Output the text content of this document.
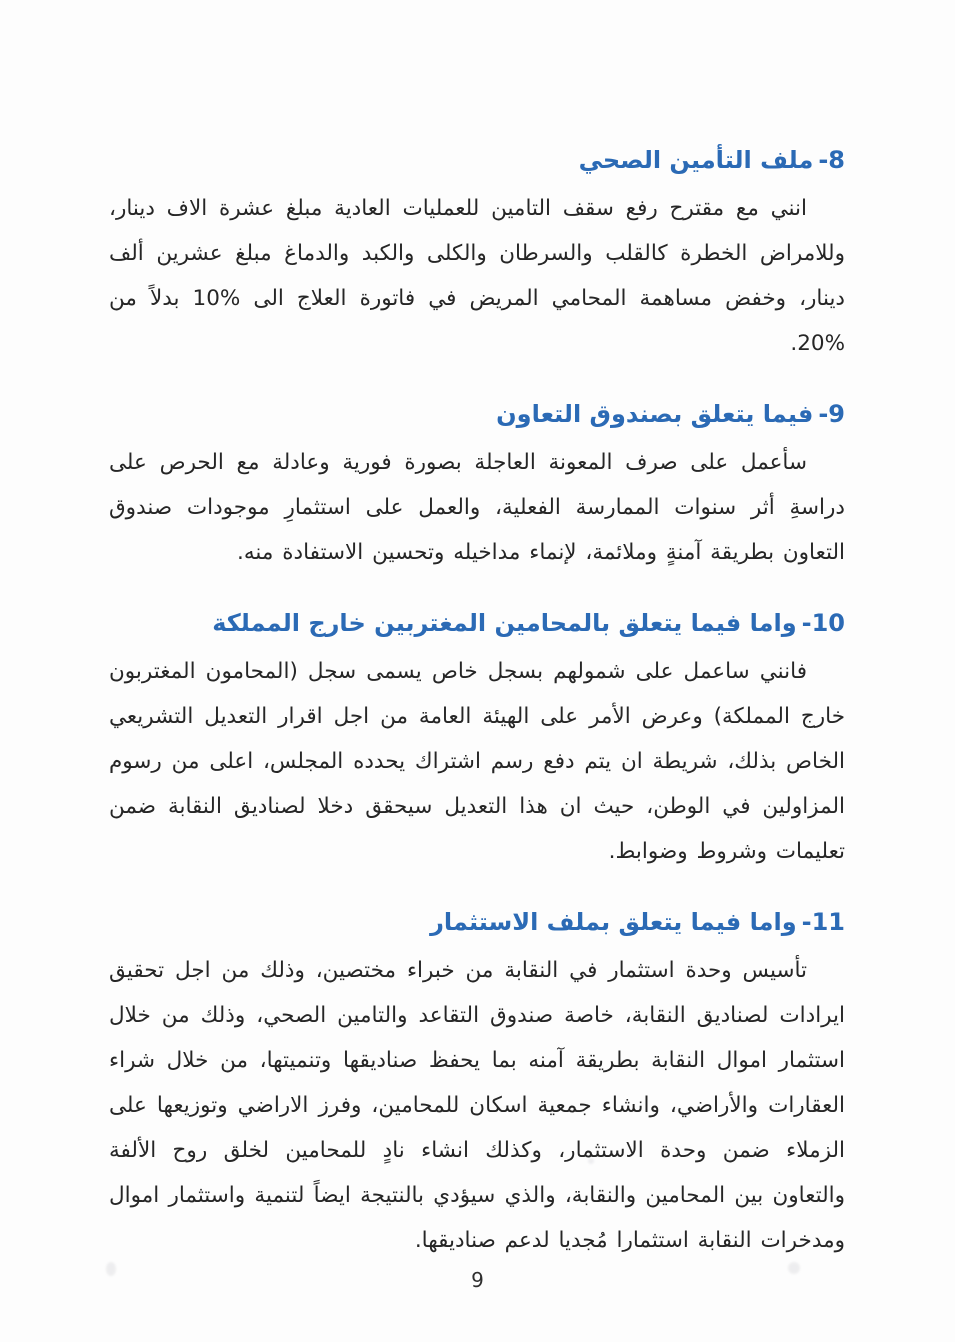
8-ملف التأمين الصحي

انني مع مقترح رفع سقف التامين للعمليات العادية مبلغ عشرة الاف دينار، وللامراض الخطرة كالقلب والسرطان والكلى والكبد والدماغ مبلغ عشرين ألف دينار، وخفض مساهمة المحامي المريض في فاتورة العلاج الى %10 بدلاً من %20.

9-فيما يتعلق بصندوق التعاون

سأعمل على صرف المعونة العاجلة بصورة فورية وعادلة مع الحرص على دراسةِ أثر سنوات الممارسة الفعلية، والعمل على استثمارِ موجودات صندوق التعاون بطريقة آمنةٍ وملائمة، لإنماء مداخيله وتحسين الاستفادة منه.

10-واما فيما يتعلق بالمحامين المغتربين خارج المملكة

فانني ساعمل على شمولهم بسجل خاص يسمى سجل (المحامون المغتربون خارج المملكة) وعرض الأمر على الهيئة العامة من اجل اقرار التعديل التشريعي الخاص بذلك، شريطة ان يتم دفع رسم اشتراك يحدده المجلس، اعلى من رسوم المزاولين في الوطن، حيث ان هذا التعديل سيحقق دخلا لصناديق النقابة ضمن تعليمات وشروط وضوابط.

11-واما فيما يتعلق بملف الاستثمار

تأسيس وحدة استثمار في النقابة من خبراء مختصين، وذلك من اجل تحقيق ايرادات لصناديق النقابة، خاصة صندوق التقاعد والتامين الصحي، وذلك من خلال استثمار اموال النقابة بطريقة آمنه بما يحفظ صناديقها وتنميتها، من خلال شراء العقارات والأراضي، وانشاء جمعية اسكان للمحامين، وفرز الاراضي وتوزيعها على الزملاء ضمن وحدة الاستثمار، وكذلك انشاء نادٍ للمحامين لخلق روح الألفة والتعاون بين المحامين والنقابة، والذي سيؤدي بالنتيجة ايضاً لتنمية واستثمار اموال ومدخرات النقابة استثمارا مُجديا لدعم صناديقها.

9
